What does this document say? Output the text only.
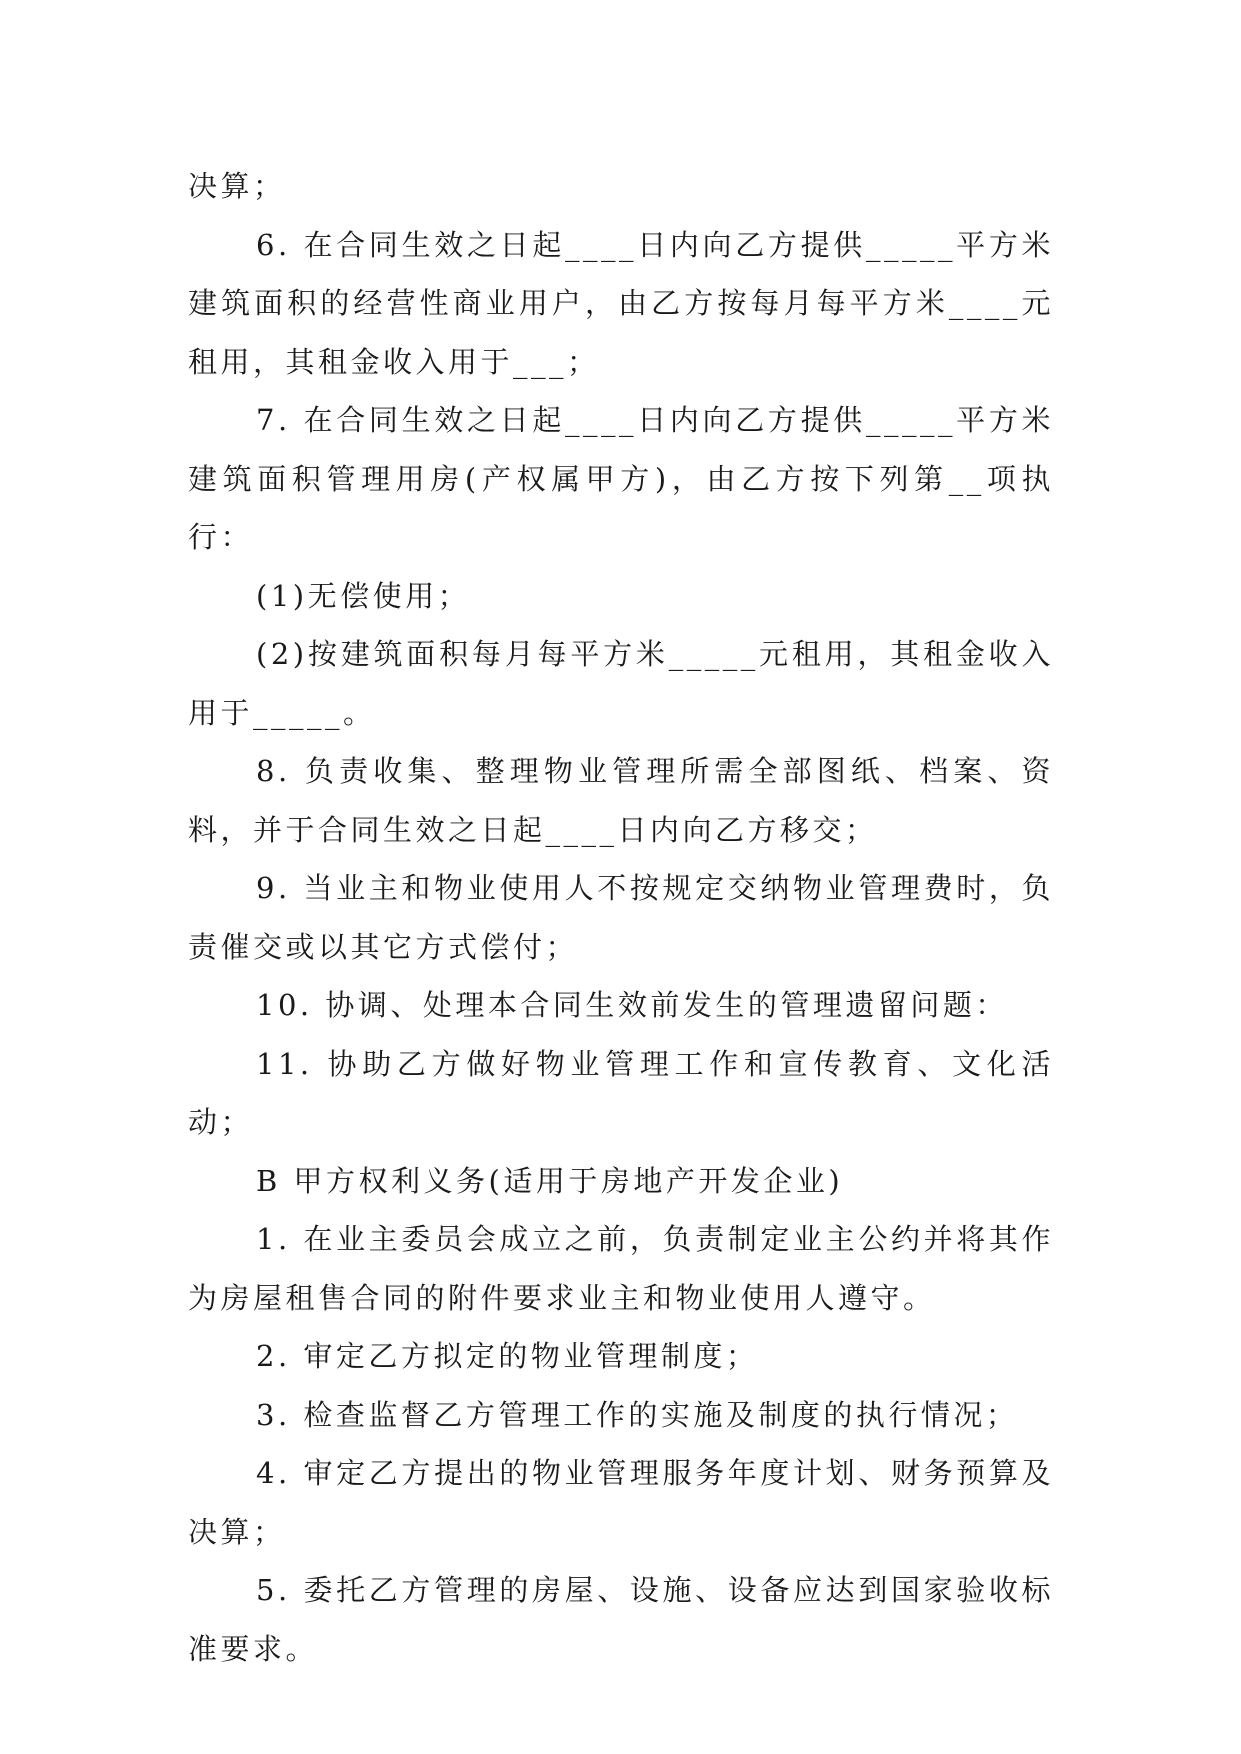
决算；

6. 在合同生效之日起____日内向乙方提供_____平方米建筑面积的经营性商业用户，由乙方按每月每平方米____元租用，其租金收入用于___；

7. 在合同生效之日起____日内向乙方提供_____平方米建筑面积管理用房(产权属甲方)，由乙方按下列第__项执行：

(1)无偿使用；

(2)按建筑面积每月每平方米_____元租用，其租金收入用于_____。

8. 负责收集、整理物业管理所需全部图纸、档案、资料，并于合同生效之日起____日内向乙方移交；

9. 当业主和物业使用人不按规定交纳物业管理费时，负责催交或以其它方式偿付；

10. 协调、处理本合同生效前发生的管理遗留问题：

11. 协助乙方做好物业管理工作和宣传教育、文化活动；

B 甲方权利义务(适用于房地产开发企业)

1. 在业主委员会成立之前，负责制定业主公约并将其作为房屋租售合同的附件要求业主和物业使用人遵守。

2. 审定乙方拟定的物业管理制度；

3. 检查监督乙方管理工作的实施及制度的执行情况；

4. 审定乙方提出的物业管理服务年度计划、财务预算及决算；

5. 委托乙方管理的房屋、设施、设备应达到国家验收标准要求。
